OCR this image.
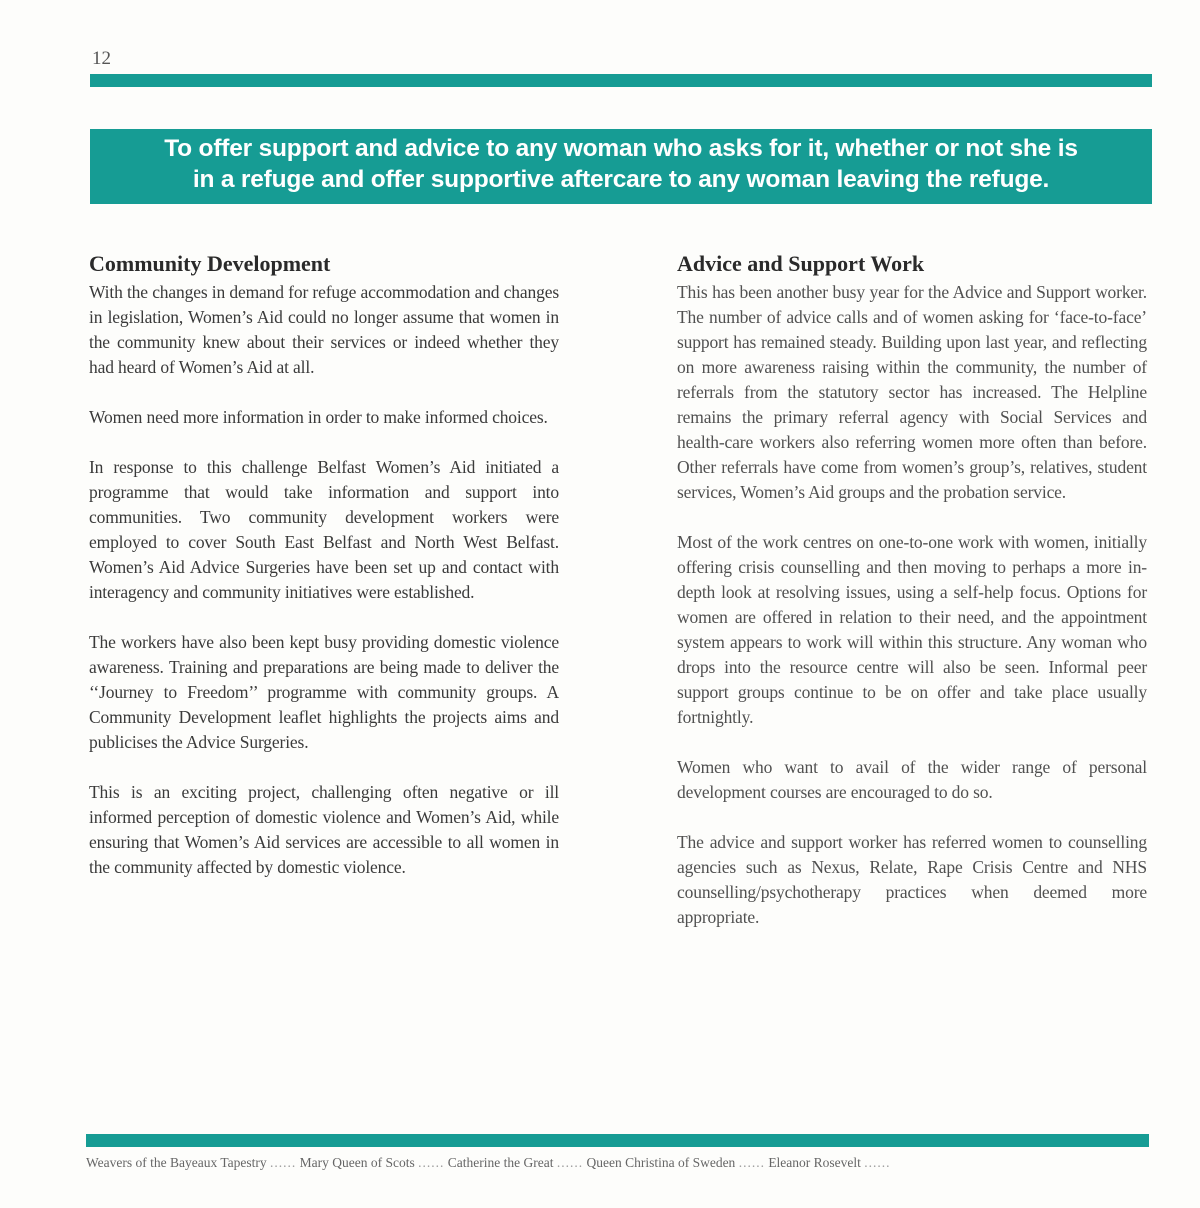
12
To offer support and advice to any woman who asks for it, whether or not she is
in a refuge and offer supportive aftercare to any woman leaving the refuge.
Community Development

With the changes in demand for refuge accommodation and changes in legislation, Women’s Aid could no longer assume that women in the community knew about their services or indeed whether they had heard of Women’s Aid at all.

Women need more information in order to make informed choices.

In response to this challenge Belfast Women’s Aid initiated a programme that would take information and support into communities. Two community development workers were employed to cover South East Belfast and North West Belfast. Women’s Aid Advice Surgeries have been set up and contact with interagency and community initiatives were established.

The workers have also been kept busy providing domestic violence awareness. Training and preparations are being made to deliver the ‘‘Journey to Freedom’’ programme with community groups. A Community Development leaflet highlights the projects aims and publicises the Advice Surgeries.

This is an exciting project, challenging often negative or ill informed perception of domestic violence and Women’s Aid, while ensuring that Women’s Aid services are accessible to all women in the community affected by domestic violence.

Advice and Support Work

This has been another busy year for the Advice and Support worker. The number of advice calls and of women asking for ‘face-to-face’ support has remained steady. Building upon last year, and reflecting on more awareness raising within the community, the number of referrals from the statutory sector has increased. The Helpline remains the primary referral agency with Social Services and health-care workers also referring women more often than before. Other referrals have come from women’s group’s, relatives, student services, Women’s Aid groups and the probation service.

Most of the work centres on one-to-one work with women, initially offering crisis counselling and then moving to perhaps a more in-depth look at resolving issues, using a self-help focus. Options for women are offered in relation to their need, and the appointment system appears to work will within this structure. Any woman who drops into the resource centre will also be seen. Informal peer support groups continue to be on offer and take place usually fortnightly.

Women who want to avail of the wider range of personal development courses are encouraged to do so.

The advice and support worker has referred women to counselling agencies such as Nexus, Relate, Rape Crisis Centre and NHS counselling/psychotherapy practices when deemed more appropriate.

Weavers of the Bayeaux Tapestry ...... Mary Queen of Scots ...... Catherine the Great ...... Queen Christina of Sweden ...... Eleanor Rosevelt ......
